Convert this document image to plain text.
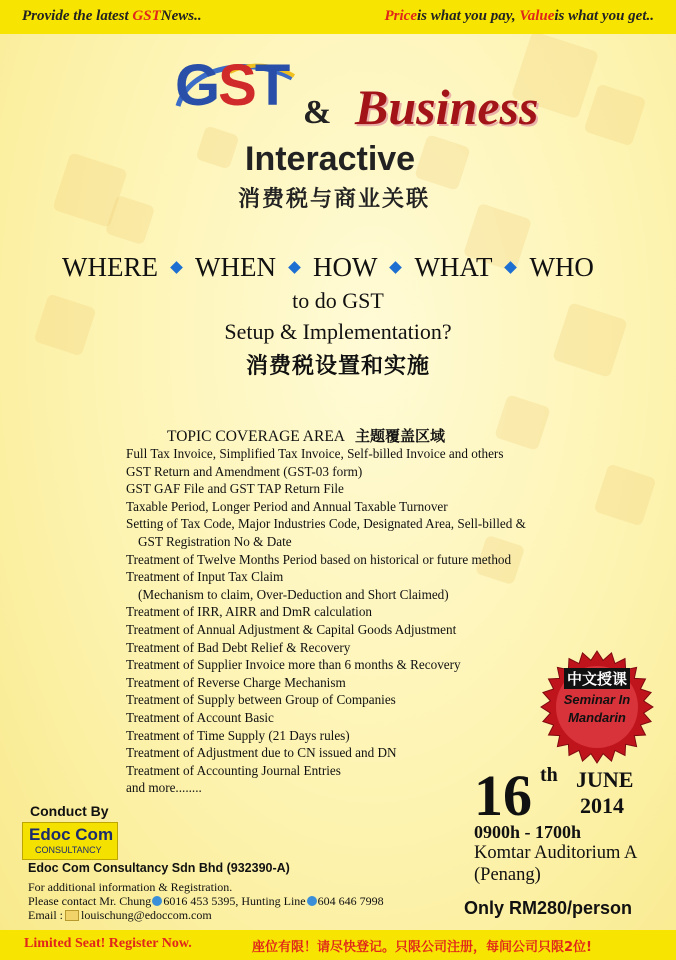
Provide the latest GSTNews..	Priceis what you pay, Valueis what you get..
GST & Business
Interactive
消费税与商业关联
WHERE WHEN HOW WHAT WHO
to do GST
Setup & Implementation?
消费税设置和实施
TOPIC COVERAGE AREA 主题覆盖区域
Full Tax Invoice, Simplified Tax Invoice, Self-billed Invoice and others
GST Return and Amendment (GST-03 form)
GST GAF File and GST TAP Return File
Taxable Period, Longer Period and Annual Taxable Turnover
Setting of Tax Code, Major Industries Code, Designated Area, Sell-billed &
GST Registration No & Date
Treatment of Twelve Months Period based on historical or future method
Treatment of Input Tax Claim
(Mechanism to claim, Over-Deduction and Short Claimed)
Treatment of IRR, AIRR and DmR calculation
Treatment of Annual Adjustment & Capital Goods Adjustment
Treatment of Bad Debt Relief & Recovery
Treatment of Supplier Invoice more than 6 months & Recovery
Treatment of Reverse Charge Mechanism
Treatment of Supply between Group of Companies
Treatment of Account Basic
Treatment of Time Supply (21 Days rules)
Treatment of Adjustment due to CN issued and DN
Treatment of Accounting Journal Entries
and more........
中文授课
Seminar In
Mandarin
16 th JUNE
2014
0900h - 1700h
Komtar Auditorium A
(Penang)
Only RM280/person
Conduct By
Edoc Com
CONSULTANCY
Edoc Com Consultancy Sdn Bhd (932390-A)
For additional information & Registration.
Please contact Mr. Chung 6016 453 5395, Hunting Line 604 646 7998
Email : louischung@edoccom.com
Limited Seat! Register Now.	座位有限！请尽快登记。只限公司注册，每间公司只限2位!
